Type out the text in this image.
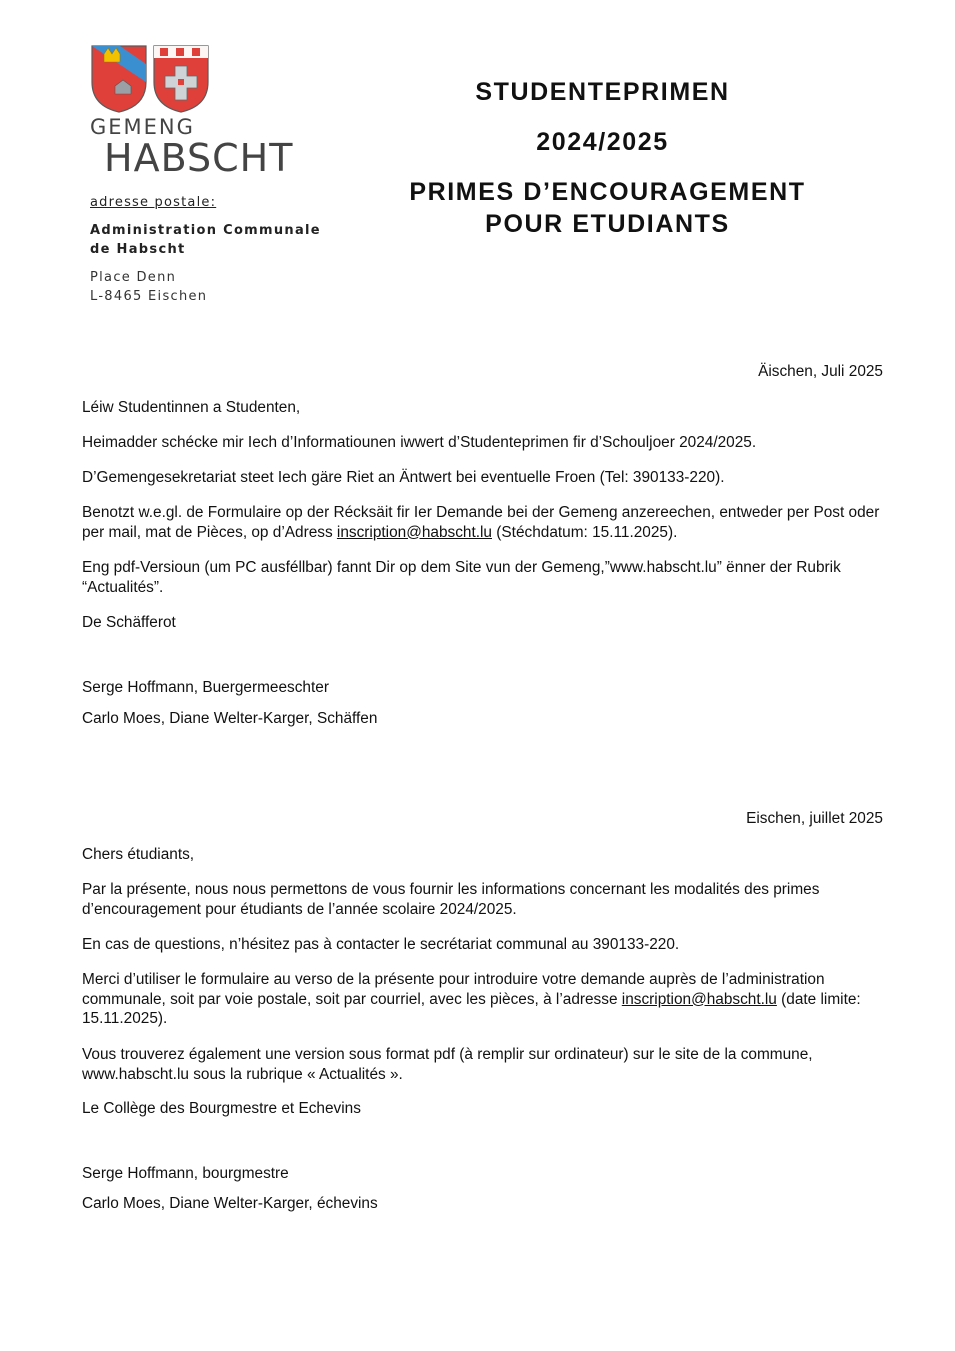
GEMENG
HABSCHT
adresse postale:
Administration Communale
de Habscht
Place Denn
L-8465 Eischen
STUDENTEPRIMEN
2024/2025
PRIMES D’ENCOURAGEMENT
POUR ETUDIANTS
Äischen, Juli 2025
Léiw Studentinnen a Studenten,
Heimadder schécke mir Iech d’Informatiounen iwwert d’Studenteprimen fir d’Schouljoer 2024/2025.
D’Gemengesekretariat steet Iech gäre Riet an Äntwert bei eventuelle Froen (Tel: 390133-220).
Benotzt w.e.gl. de Formulaire op der Récksäit fir Ier Demande bei der Gemeng anzereechen, entweder per Post oder per mail, mat de Pièces, op d’Adress inscription@habscht.lu (Stéchdatum: 15.11.2025).
Eng pdf-Versioun (um PC ausféllbar) fannt Dir op dem Site vun der Gemeng,”www.habscht.lu” ënner der Rubrik “Actualités”.
De Schäfferot
Serge Hoffmann, Buergermeeschter
Carlo Moes, Diane Welter-Karger, Schäffen
Eischen, juillet 2025
Chers étudiants,
Par la présente, nous nous permettons de vous fournir les informations concernant les modalités des primes d’encouragement pour étudiants de l’année scolaire 2024/2025.
En cas de questions, n’hésitez pas à contacter le secrétariat communal au 390133-220.
Merci d’utiliser le formulaire au verso de la présente pour introduire votre demande auprès de l’administration communale, soit par voie postale, soit par courriel, avec les pièces, à l’adresse inscription@habscht.lu (date limite: 15.11.2025).
Vous trouverez également une version sous format pdf (à remplir sur ordinateur) sur le site de la commune, www.habscht.lu sous la rubrique « Actualités ».
Le Collège des Bourgmestre et Echevins
Serge Hoffmann, bourgmestre
Carlo Moes, Diane Welter-Karger, échevins
